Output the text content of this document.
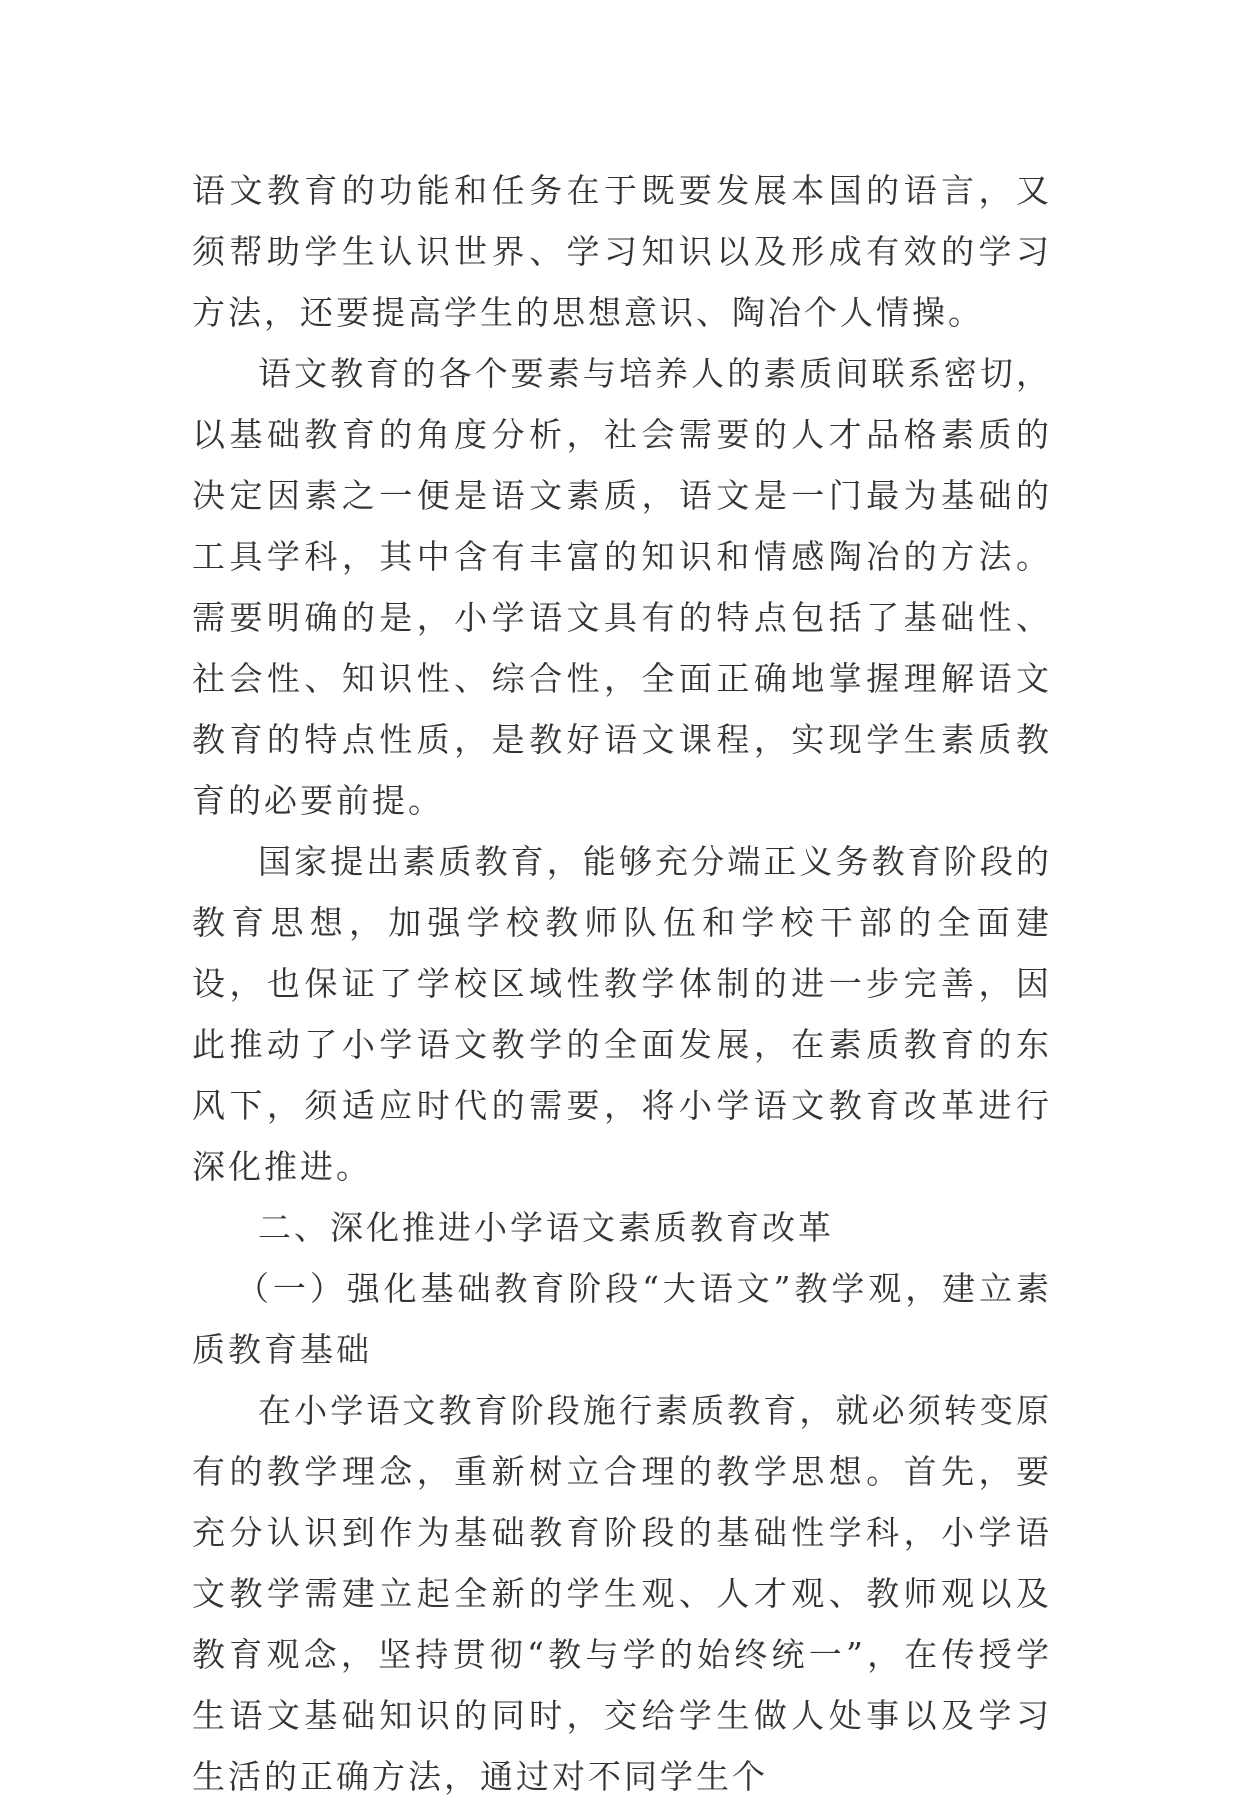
语文教育的功能和任务在于既要发展本国的语言，又须帮助学生认识世界、学习知识以及形成有效的学习方法，还要提高学生的思想意识、陶冶个人情操。

语文教育的各个要素与培养人的素质间联系密切，以基础教育的角度分析，社会需要的人才品格素质的决定因素之一便是语文素质，语文是一门最为基础的工具学科，其中含有丰富的知识和情感陶冶的方法。需要明确的是，小学语文具有的特点包括了基础性、社会性、知识性、综合性，全面正确地掌握理解语文教育的特点性质，是教好语文课程，实现学生素质教育的必要前提。

国家提出素质教育，能够充分端正义务教育阶段的教育思想，加强学校教师队伍和学校干部的全面建设，也保证了学校区域性教学体制的进一步完善，因此推动了小学语文教学的全面发展，在素质教育的东风下，须适应时代的需要，将小学语文教育改革进行深化推进。

二、深化推进小学语文素质教育改革

（一）强化基础教育阶段“大语文”教学观，建立素质教育基础

在小学语文教育阶段施行素质教育，就必须转变原有的教学理念，重新树立合理的教学思想。首先，要充分认识到作为基础教育阶段的基础性学科，小学语文教学需建立起全新的学生观、人才观、教师观以及教育观念，坚持贯彻“教与学的始终统一”，在传授学生语文基础知识的同时，交给学生做人处事以及学习生活的正确方法，通过对不同学生个
